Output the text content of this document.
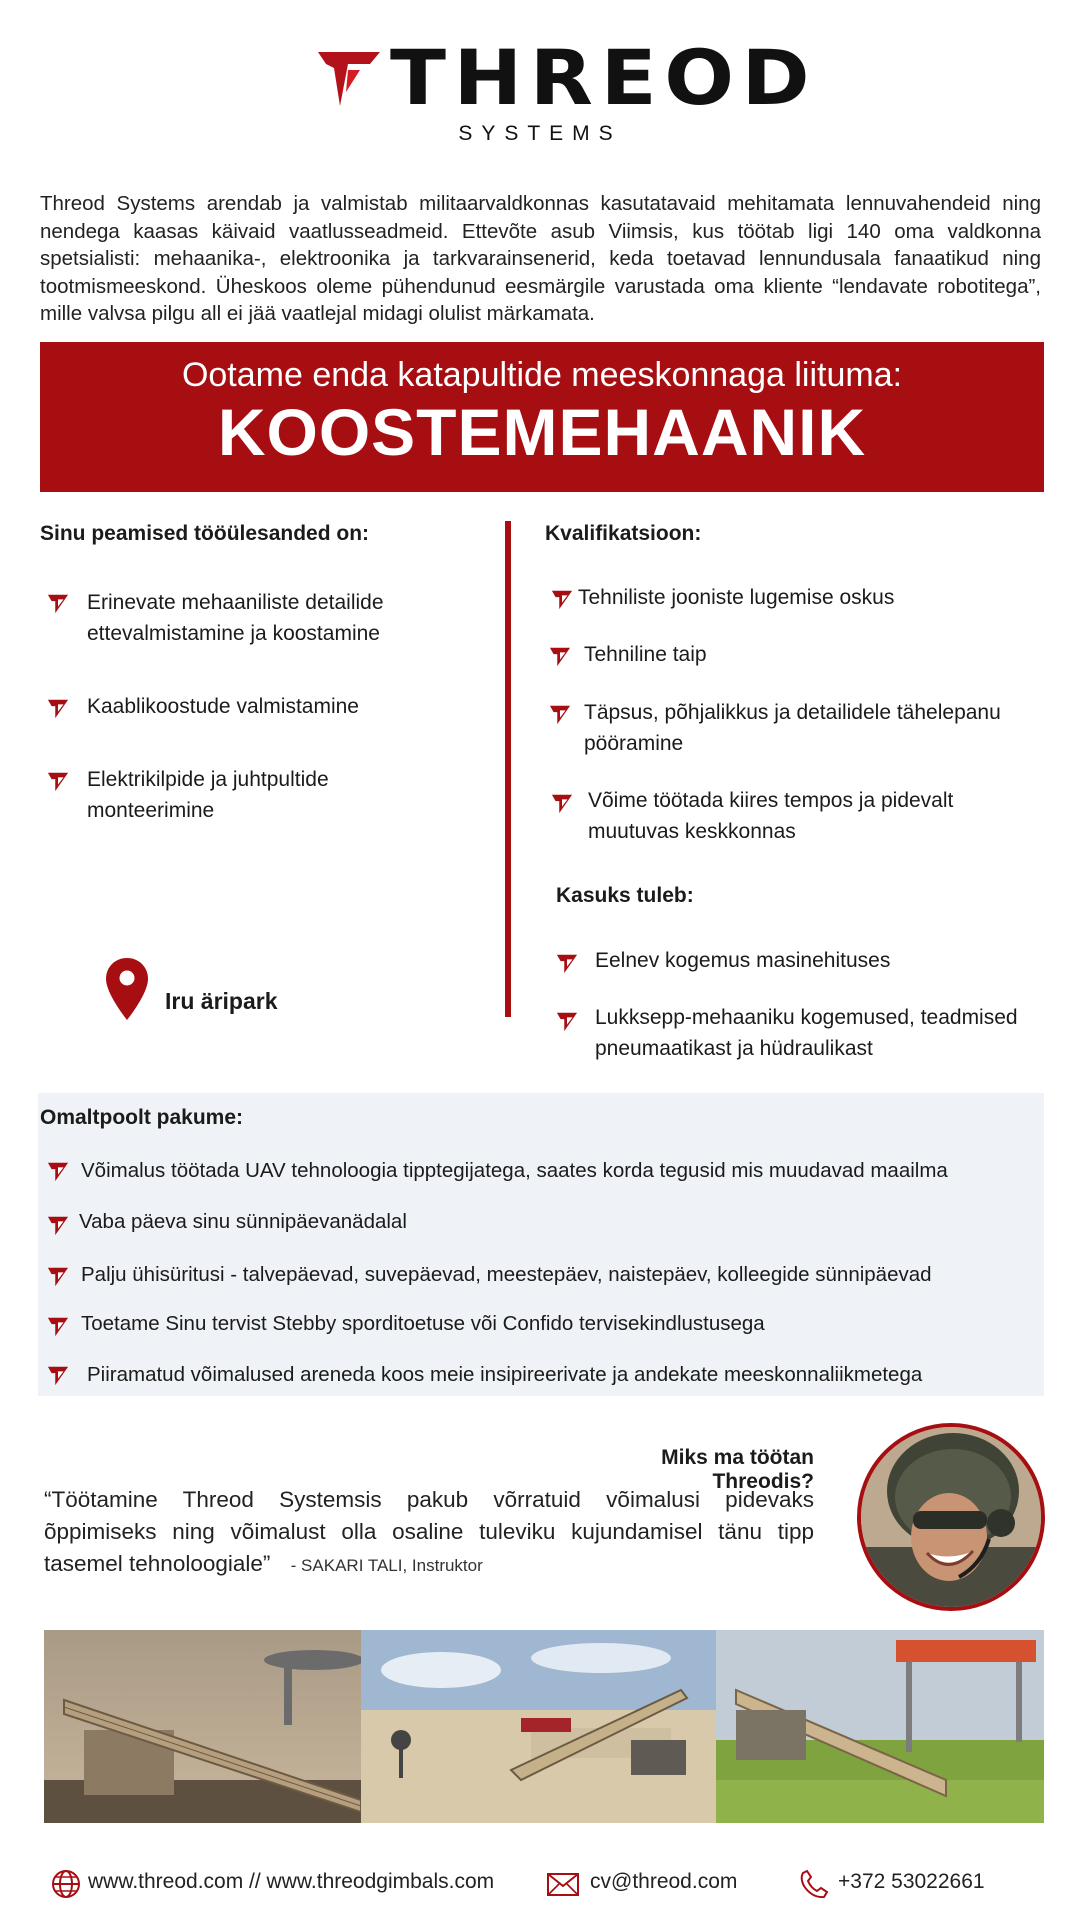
THREOD
SYSTEMS
Threod Systems arendab ja valmistab militaarvaldkonnas kasutatavaid mehitamata lennuvahendeid ning nendega kaasas käivaid vaatlusseadmeid. Ettevõte asub Viimsis, kus töötab ligi 140 oma valdkonna spetsialisti: mehaanika-, elektroonika ja tarkvarainsenerid, keda toetavad lennundusala fanaatikud ning tootmismeeskond. Üheskoos oleme pühendunud eesmärgile varustada oma kliente “lendavate robotitega”, mille valvsa pilgu all ei jää vaatlejal midagi olulist märkamata.
Ootame enda katapultide meeskonnaga liituma:
KOOSTEMEHAANIK
Sinu peamised tööülesanded on:
Erinevate mehaaniliste detailide ettevalmistamine ja koostamine
Kaablikoostude valmistamine
Elektrikilpide ja juhtpultide monteerimine
Iru äripark
Kvalifikatsioon:
Tehniliste jooniste lugemise oskus
Tehniline taip
Täpsus, põhjalikkus ja detailidele tähelepanu pööramine
Võime töötada kiires tempos ja pidevalt muutuvas keskkonnas
Kasuks tuleb:
Eelnev kogemus masinehituses
Lukksepp-mehaaniku kogemused, teadmised pneumaatikast ja hüdraulikast
Omaltpoolt pakume:
Võimalus töötada UAV tehnoloogia tipptegijatega, saates korda tegusid mis muudavad maailma
Vaba päeva sinu sünnipäevanädalal
Palju ühisüritusi - talvepäevad, suvepäevad, meestepäev, naistepäev, kolleegide sünnipäevad
Toetame Sinu tervist Stebby sporditoetuse või Confido tervisekindlustusega
Piiramatud võimalused areneda koos meie insipireerivate ja andekate meeskonnaliikmetega
Miks ma töötan Threodis?
“Töötamine Threod Systemsis pakub võrratuid võimalusi pidevaks õppimiseks ning võimalust olla osaline tuleviku kujundamisel tänu tipp tasemel tehnoloogiale” - SAKARI TALI, Instruktor
www.threod.com // www.threodgimbals.com	cv@threod.com	+372 53022661
